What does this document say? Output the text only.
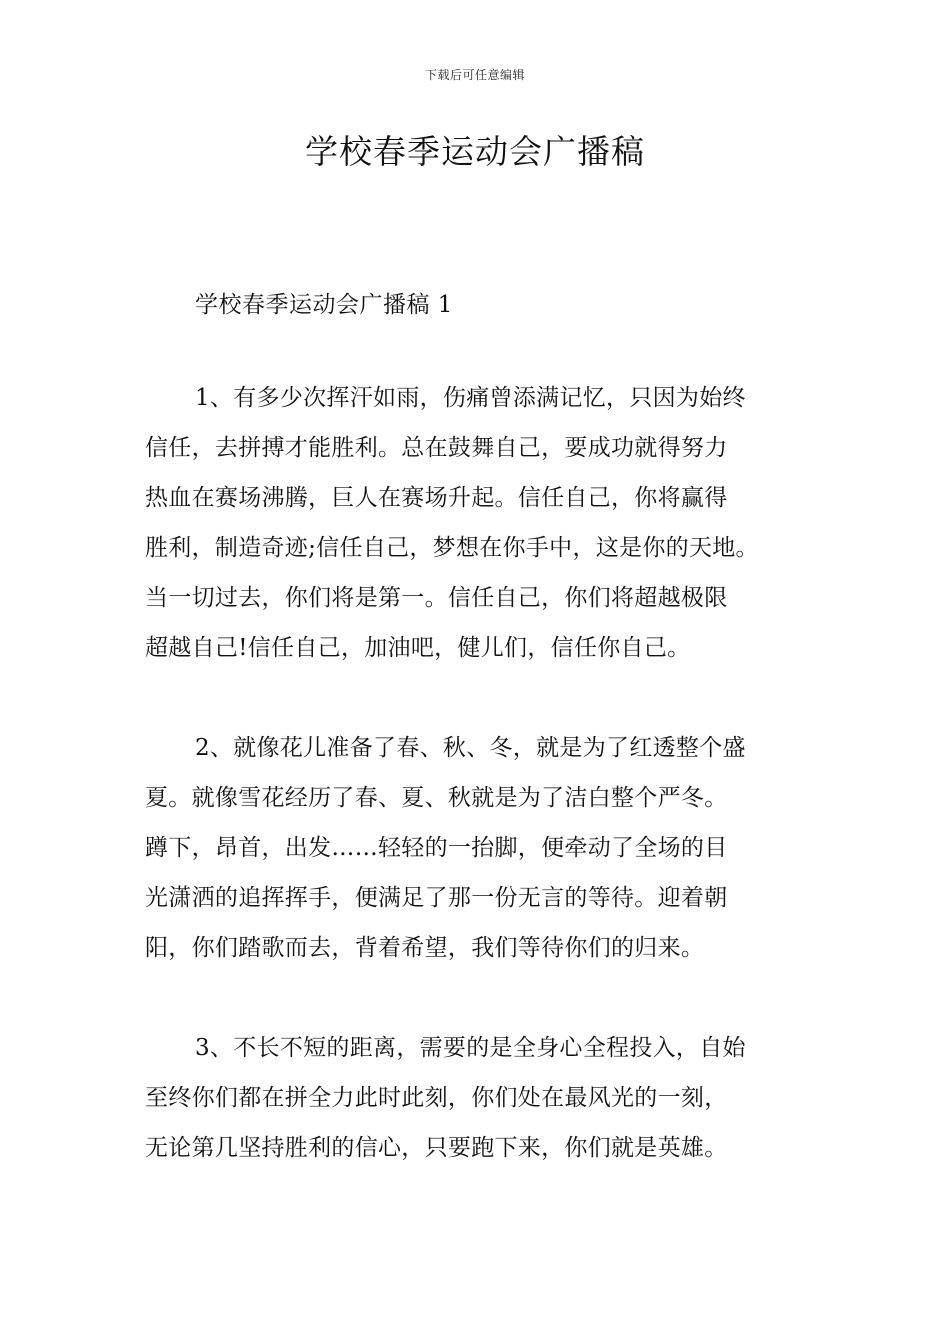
下载后可任意编辑
学校春季运动会广播稿
学校春季运动会广播稿 1
1、有多少次挥汗如雨，伤痛曾添满记忆，只因为始终
信任，去拼搏才能胜利。总在鼓舞自己，要成功就得努力
热血在赛场沸腾，巨人在赛场升起。信任自己，你将赢得
胜利，制造奇迹;信任自己，梦想在你手中，这是你的天地。
当一切过去，你们将是第一。信任自己，你们将超越极限
超越自己!信任自己，加油吧，健儿们，信任你自己。
2、就像花儿准备了春、秋、冬，就是为了红透整个盛
夏。就像雪花经历了春、夏、秋就是为了洁白整个严冬。
蹲下，昂首，出发……轻轻的一抬脚，便牵动了全场的目
光潇洒的追挥挥手，便满足了那一份无言的等待。迎着朝
阳，你们踏歌而去，背着希望，我们等待你们的归来。
3、不长不短的距离，需要的是全身心全程投入，自始
至终你们都在拼全力此时此刻，你们处在最风光的一刻，
无论第几坚持胜利的信心，只要跑下来，你们就是英雄。
